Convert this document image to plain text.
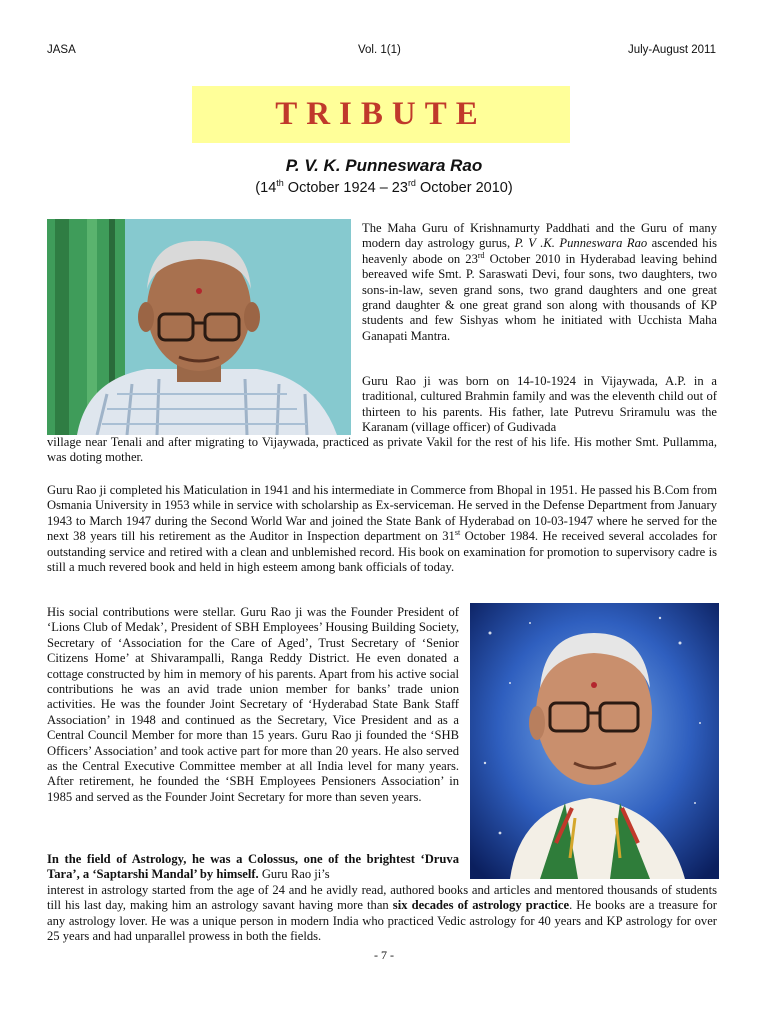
JASA	Vol. 1(1)	July-August 2011
TRIBUTE
P. V. K. Punneswara Rao
(14th October 1924 – 23rd October 2010)
The Maha Guru of Krishnamurty Paddhati and the Guru of many modern day astrology gurus, P. V .K. Punneswara Rao ascended his heavenly abode on 23rd October 2010 in Hyderabad leaving behind bereaved wife Smt. P. Saraswati Devi, four sons, two daughters, two sons-in-law, seven grand sons, two grand daughters and one great grand daughter & one great grand son along with thousands of KP students and few Sishyas whom he initiated with Ucchista Maha Ganapati Mantra.
Guru Rao ji was born on 14-10-1924 in Vijaywada, A.P. in a traditional, cultured Brahmin family and was the eleventh child out of thirteen to his parents. His father, late Putrevu Sriramulu was the Karanam (village officer) of Gudivada
village near Tenali and after migrating to Vijaywada, practiced as private Vakil for the rest of his life. His mother Smt. Pullamma, was doting mother.
Guru Rao ji completed his Maticulation in 1941 and his intermediate in Commerce from Bhopal in 1951. He passed his B.Com from Osmania University in 1953 while in service with scholarship as Ex-serviceman. He served in the Defense Department from January 1943 to March 1947 during the Second World War and joined the State Bank of Hyderabad on 10-03-1947 where he served for the next 38 years till his retirement as the Auditor in Inspection department on 31st October 1984. He received several accolades for outstanding service and retired with a clean and unblemished record. His book on examination for promotion to supervisory cadre is still a much revered book and held in high esteem among bank officials of today.
His social contributions were stellar. Guru Rao ji was the Founder President of ‘Lions Club of Medak’, President of SBH Employees’ Housing Building Society, Secretary of ‘Association for the Care of Aged’, Trust Secretary of ‘Senior Citizens Home’ at Shivarampalli, Ranga Reddy District. He even donated a cottage constructed by him in memory of his parents. Apart from his active social contributions he was an avid trade union member for banks’ trade union activities. He was the founder Joint Secretary of ‘Hyderabad State Bank Staff Association’ in 1948 and continued as the Secretary, Vice President and as a Central Council Member for more than 15 years. Guru Rao ji founded the ‘SHB Officers’ Association’ and took active part for more than 20 years. He also served as the Central Executive Committee member at all India level for many years. After retirement, he founded the ‘SBH Employees Pensioners Association’ in 1985 and served as the Founder Joint Secretary for more than seven years.
In the field of Astrology, he was a Colossus, one of the brightest ‘Druva Tara’, a ‘Saptarshi Mandal’ by himself. Guru Rao ji’s
interest in astrology started from the age of 24 and he avidly read, authored books and articles and mentored thousands of students till his last day, making him an astrology savant having more than six decades of astrology practice. He books are a treasure for any astrology lover. He was a unique person in modern India who practiced Vedic astrology for 40 years and KP astrology for over 25 years and had unparallel prowess in both the fields.
- 7 -
